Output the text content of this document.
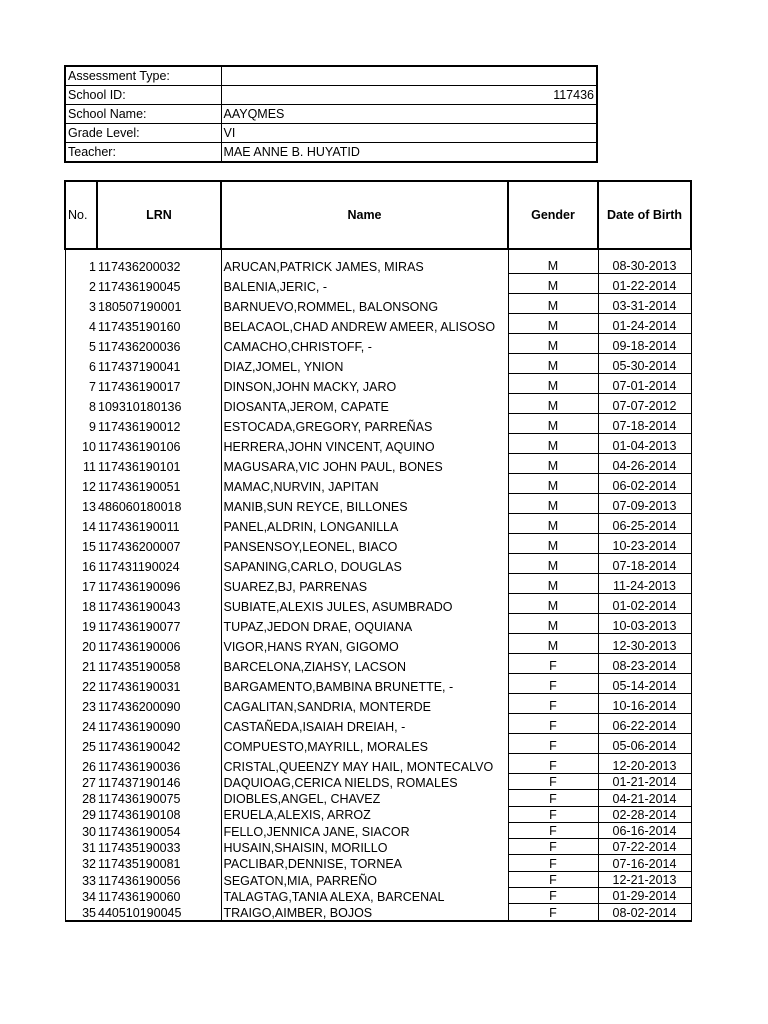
Assessment Type:	
School ID:	117436
School Name:	AAYQMES
Grade Level:	VI
Teacher:	MAE ANNE B. HUYATID
No.	LRN	Name	Gender	Date of Birth
1	117436200032	ARUCAN,PATRICK JAMES, MIRAS	M	08-30-2013
2	117436190045	BALENIA,JERIC, -	M	01-22-2014
3	180507190001	BARNUEVO,ROMMEL, BALONSONG	M	03-31-2014
4	117435190160	BELACAOL,CHAD ANDREW AMEER, ALISOSO	M	01-24-2014
5	117436200036	CAMACHO,CHRISTOFF, -	M	09-18-2014
6	117437190041	DIAZ,JOMEL, YNION	M	05-30-2014
7	117436190017	DINSON,JOHN MACKY, JARO	M	07-01-2014
8	109310180136	DIOSANTA,JEROM, CAPATE	M	07-07-2012
9	117436190012	ESTOCADA,GREGORY, PARREÑAS	M	07-18-2014
10	117436190106	HERRERA,JOHN VINCENT, AQUINO	M	01-04-2013
11	117436190101	MAGUSARA,VIC JOHN PAUL, BONES	M	04-26-2014
12	117436190051	MAMAC,NURVIN, JAPITAN	M	06-02-2014
13	486060180018	MANIB,SUN REYCE, BILLONES	M	07-09-2013
14	117436190011	PANEL,ALDRIN, LONGANILLA	M	06-25-2014
15	117436200007	PANSENSOY,LEONEL, BIACO	M	10-23-2014
16	117431190024	SAPANING,CARLO, DOUGLAS	M	07-18-2014
17	117436190096	SUAREZ,BJ, PARRENAS	M	11-24-2013
18	117436190043	SUBIATE,ALEXIS JULES, ASUMBRADO	M	01-02-2014
19	117436190077	TUPAZ,JEDON DRAE, OQUIANA	M	10-03-2013
20	117436190006	VIGOR,HANS RYAN, GIGOMO	M	12-30-2013
21	117435190058	BARCELONA,ZIAHSY, LACSON	F	08-23-2014
22	117436190031	BARGAMENTO,BAMBINA BRUNETTE, -	F	05-14-2014
23	117436200090	CAGALITAN,SANDRIA, MONTERDE	F	10-16-2014
24	117436190090	CASTAÑEDA,ISAIAH DREIAH, -	F	06-22-2014
25	117436190042	COMPUESTO,MAYRILL, MORALES	F	05-06-2014
26	117436190036	CRISTAL,QUEENZY MAY HAIL, MONTECALVO	F	12-20-2013
27	117437190146	DAQUIOAG,CERICA NIELDS, ROMALES	F	01-21-2014
28	117436190075	DIOBLES,ANGEL, CHAVEZ	F	04-21-2014
29	117436190108	ERUELA,ALEXIS, ARROZ	F	02-28-2014
30	117436190054	FELLO,JENNICA JANE, SIACOR	F	06-16-2014
31	117435190033	HUSAIN,SHAISIN, MORILLO	F	07-22-2014
32	117435190081	PACLIBAR,DENNISE, TORNEA	F	07-16-2014
33	117436190056	SEGATON,MIA, PARREÑO	F	12-21-2013
34	117436190060	TALAGTAG,TANIA ALEXA, BARCENAL	F	01-29-2014
35	440510190045	TRAIGO,AIMBER, BOJOS	F	08-02-2014
